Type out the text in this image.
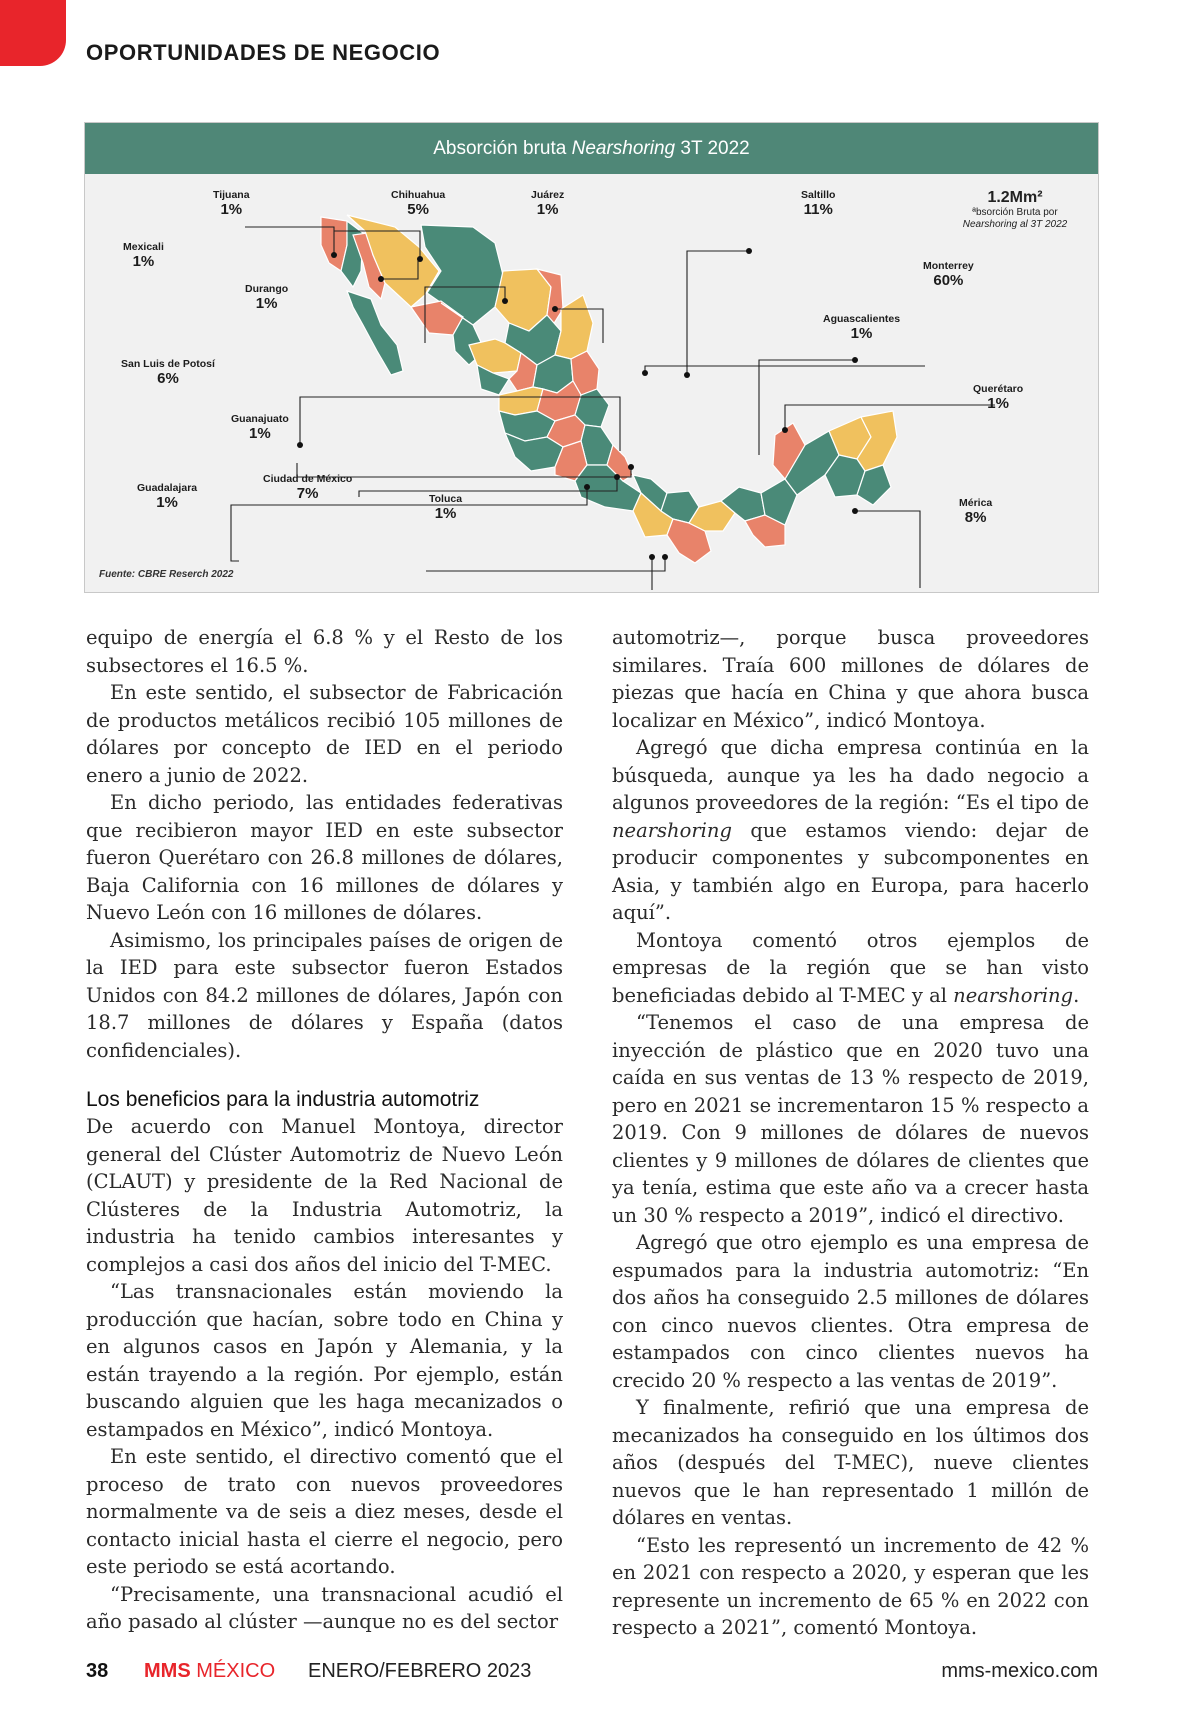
OPORTUNIDADES DE NEGOCIO
Absorción bruta Nearshoring 3T 2022
Tijuana
1%
Chihuahua
5%
Juárez
1%
Saltillo
11%
Mexicali
1%	Monterrey
60%
Durango
1%
Aguascalientes
1%
San Luis de Potosí
6%
Querétaro
1%
Guanajuato
1%
Ciudad de México
7%
Guadalajara
1%	Toluca
1%
Mérica
8%
1.2Mm²
ªbsorción Bruta por
Nearshoring al 3T 2022
Fuente: CBRE Reserch 2022

equipo de energía el 6.8 % y el Resto de los subsectores el 16.5 %.

En este sentido, el subsector de Fabricación de productos metálicos recibió 105 millones de dólares por concepto de IED en el periodo enero a junio de 2022.

En dicho periodo, las entidades federativas que recibieron mayor IED en este subsector fueron Querétaro con 26.8 millones de dólares, Baja California con 16 millones de dólares y Nuevo León con 16 millones de dólares.

Asimismo, los principales países de origen de la IED para este subsector fueron Estados Unidos con 84.2 millones de dólares, Japón con 18.7 millones de dólares y España (datos confidenciales).

Los beneficios para la industria automotriz

De acuerdo con Manuel Montoya, director general del Clúster Automotriz de Nuevo León (CLAUT) y presidente de la Red Nacional de Clústeres de la Industria Automotriz, la industria ha tenido cambios interesantes y complejos a casi dos años del inicio del T-MEC.

“Las transnacionales están moviendo la producción que hacían, sobre todo en China y en algunos casos en Japón y Alemania, y la están trayendo a la región. Por ejemplo, están buscando alguien que les haga mecanizados o estampados en México”, indicó Montoya.

En este sentido, el directivo comentó que el proceso de trato con nuevos proveedores normalmente va de seis a diez meses, desde el contacto inicial hasta el cierre el negocio, pero este periodo se está acortando.

“Precisamente, una transnacional acudió el año pasado al clúster —aunque no es del sector

automotriz—, porque busca proveedores similares. Traía 600 millones de dólares de piezas que hacía en China y que ahora busca localizar en México”, indicó Montoya.

Agregó que dicha empresa continúa en la búsqueda, aunque ya les ha dado negocio a algunos proveedores de la región: “Es el tipo de nearshoring que estamos viendo: dejar de producir componentes y subcomponentes en Asia, y también algo en Europa, para hacerlo aquí”.

Montoya comentó otros ejemplos de empresas de la región que se han visto beneficiadas debido al T-MEC y al nearshoring.

“Tenemos el caso de una empresa de inyección de plástico que en 2020 tuvo una caída en sus ventas de 13 % respecto de 2019, pero en 2021 se incrementaron 15 % respecto a 2019. Con 9 millones de dólares de nuevos clientes y 9 millones de dólares de clientes que ya tenía, estima que este año va a crecer hasta un 30 % respecto a 2019”, indicó el directivo.

Agregó que otro ejemplo es una empresa de espumados para la industria automotriz: “En dos años ha conseguido 2.5 millones de dólares con cinco nuevos clientes. Otra empresa de estampados con cinco clientes nuevos ha crecido 20 % respecto a las ventas de 2019”.

Y finalmente, refirió que una empresa de mecanizados ha conseguido en los últimos dos años (después del T-MEC), nueve clientes nuevos que le han representado 1 millón de dólares en ventas.

“Esto les representó un incremento de 42 % en 2021 con respecto a 2020, y esperan que les represente un incremento de 65 % en 2022 con respecto a 2021”, comentó Montoya.

38 MMS MÉXICO ENERO/FEBRERO 2023	mms-mexico.com
